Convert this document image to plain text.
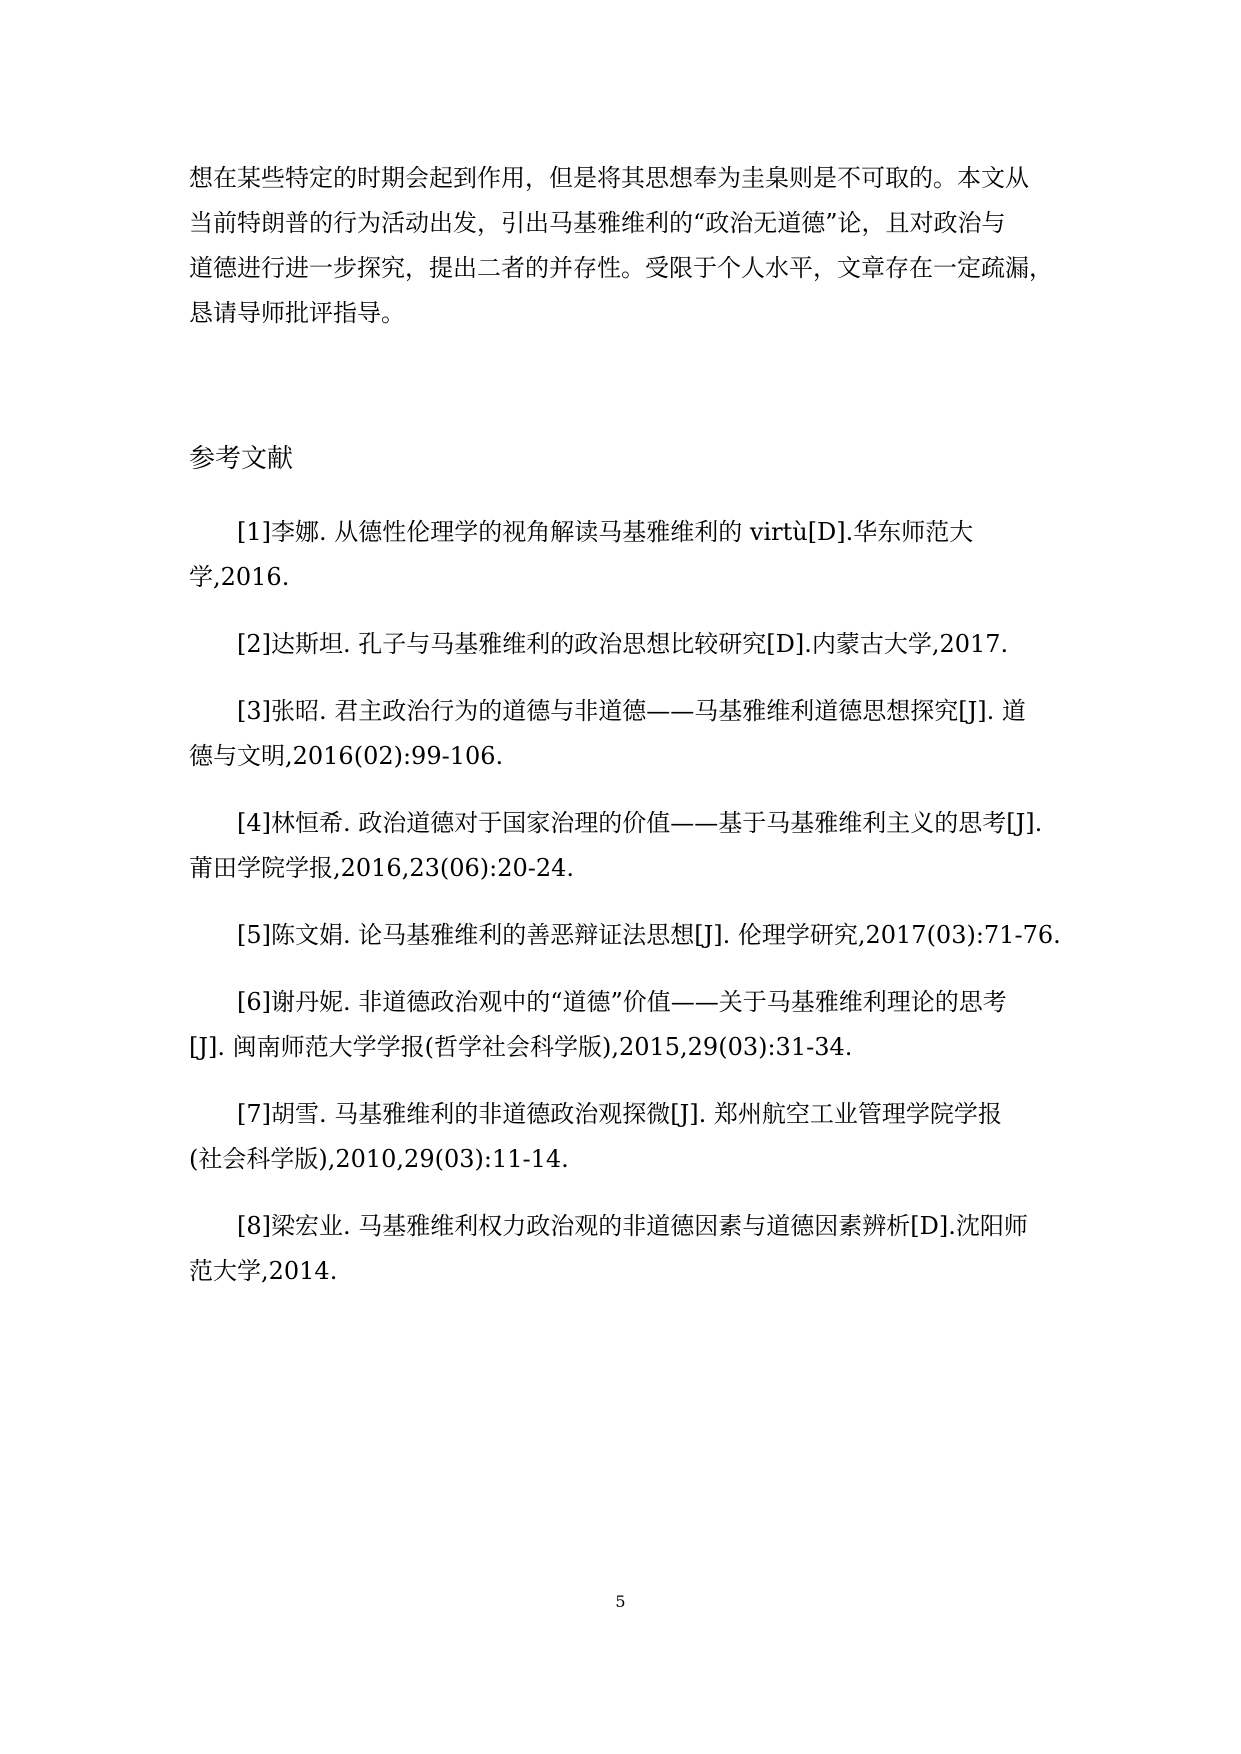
想在某些特定的时期会起到作用，但是将其思想奉为圭臬则是不可取的。本文从
当前特朗普的行为活动出发，引出马基雅维利的“政治无道德”论，且对政治与
道德进行进一步探究，提出二者的并存性。受限于个人水平，文章存在一定疏漏，
恳请导师批评指导。

参考文献
[1]李娜. 从德性伦理学的视角解读马基雅维利的 virtù[D].华东师范大
学,2016.
[2]达斯坦. 孔子与马基雅维利的政治思想比较研究[D].内蒙古大学,2017.
[3]张昭. 君主政治行为的道德与非道德——马基雅维利道德思想探究[J]. 道
德与文明,2016(02):99-106.
[4]林恒希. 政治道德对于国家治理的价值——基于马基雅维利主义的思考[J].
莆田学院学报,2016,23(06):20-24.
[5]陈文娟. 论马基雅维利的善恶辩证法思想[J]. 伦理学研究,2017(03):71-76.
[6]谢丹妮. 非道德政治观中的“道德”价值——关于马基雅维利理论的思考
[J]. 闽南师范大学学报(哲学社会科学版),2015,29(03):31-34.
[7]胡雪. 马基雅维利的非道德政治观探微[J]. 郑州航空工业管理学院学报
(社会科学版),2010,29(03):11-14.
[8]梁宏业. 马基雅维利权力政治观的非道德因素与道德因素辨析[D].沈阳师
范大学,2014.
5
